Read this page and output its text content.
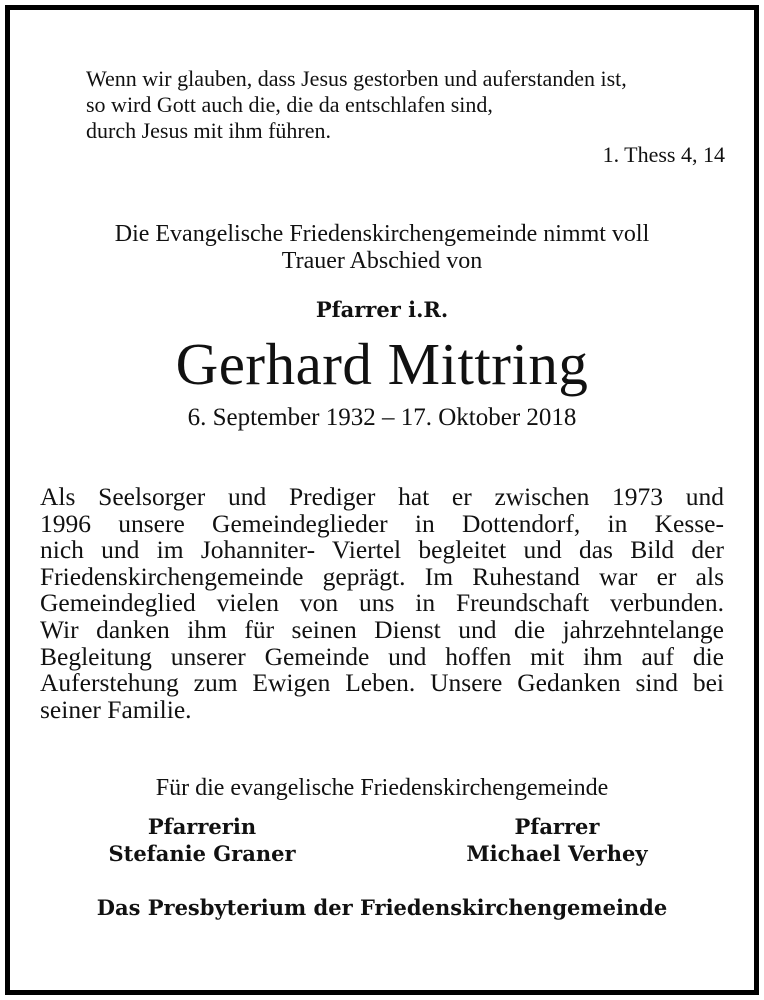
Wenn wir glauben, dass Jesus gestorben und auferstanden ist,
so wird Gott auch die, die da entschlafen sind,
durch Jesus mit ihm führen.
1. Thess 4, 14
Die Evangelische Friedenskirchengemeinde nimmt voll
Trauer Abschied von
Pfarrer i.R.
Gerhard Mittring
6. September 1932 – 17. Oktober 2018
Als Seelsorger und Prediger hat er zwischen 1973 und
1996 unsere Gemeindeglieder in Dottendorf, in Kesse-
nich und im Johanniter- Viertel begleitet und das Bild der
Friedenskirchengemeinde geprägt. Im Ruhestand war er als
Gemeindeglied vielen von uns in Freundschaft verbunden.
Wir danken ihm für seinen Dienst und die jahrzehntelange
Begleitung unserer Gemeinde und hoffen mit ihm auf die
Auferstehung zum Ewigen Leben. Unsere Gedanken sind bei
seiner Familie.
Für die evangelische Friedenskirchengemeinde
Pfarrerin
Stefanie Graner
Pfarrer
Michael Verhey
Das Presbyterium der Friedenskirchengemeinde
